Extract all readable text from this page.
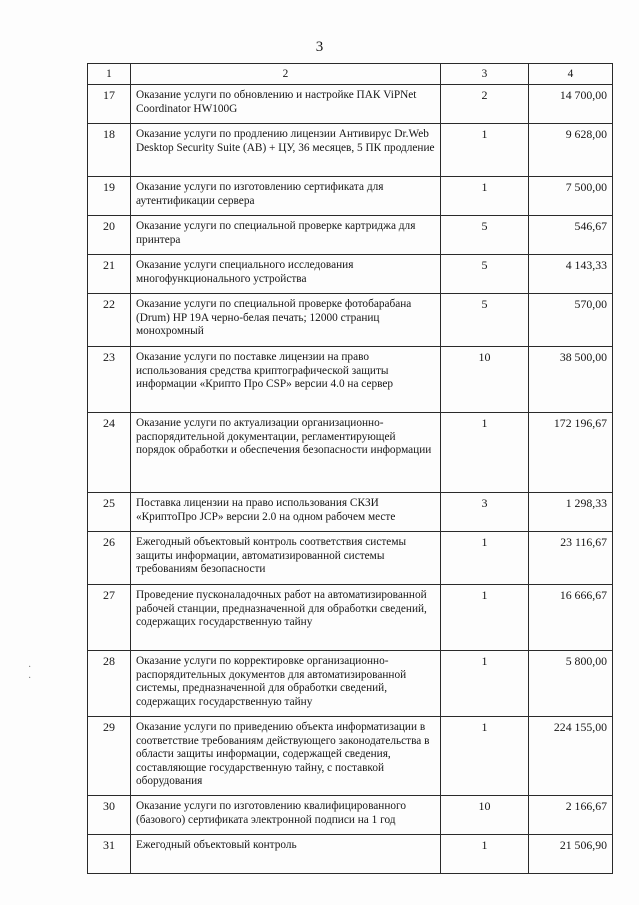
3
1	2	3	4
17	Оказание услуги по обновлению и настройке ПАК ViPNet Coordinator HW100G	2	14 700,00
18	Оказание услуги по продлению лицензии Антивирус Dr.Web Desktop Security Suite (АВ) + ЦУ, 36 месяцев, 5 ПК продление	1	9 628,00
19	Оказание услуги по изготовлению сертификата для аутентификации сервера	1	7 500,00
20	Оказание услуги по специальной проверке картриджа для принтера	5	546,67
21	Оказание услуги специального исследования многофункционального устройства	5	4 143,33
22	Оказание услуги по специальной проверке фотобарабана (Drum) HP 19A черно-белая печать; 12000 страниц монохромный	5	570,00
23	Оказание услуги по поставке лицензии на право использования средства криптографической защиты информации «Крипто Про CSP» версии 4.0 на сервер	10	38 500,00
24	Оказание услуги по актуализации организационно-распорядительной документации, регламентирующей порядок обработки и обеспечения безопасности информации	1	172 196,67
25	Поставка лицензии на право использования СКЗИ «КриптоПро JCP» версии 2.0 на одном рабочем месте	3	1 298,33
26	Ежегодный объектовый контроль соответствия системы защиты информации, автоматизированной системы требованиям безопасности	1	23 116,67
27	Проведение пусконаладочных работ на автоматизированной рабочей станции, предназначенной для обработки сведений, содержащих государственную тайну	1	16 666,67
28	Оказание услуги по корректировке организационно-распорядительных документов для автоматизированной системы, предназначенной для обработки сведений, содержащих государственную тайну	1	5 800,00
29	Оказание услуги по приведению объекта информатизации в соответствие требованиям действующего законодательства в области защиты информации, содержащей сведения, составляющие государственную тайну, с поставкой оборудования	1	224 155,00
30	Оказание услуги по изготовлению квалифицированного (базового) сертификата электронной подписи на 1 год	10	2 166,67
31	Ежегодный объектовый контроль	1	21 506,90
· ·
